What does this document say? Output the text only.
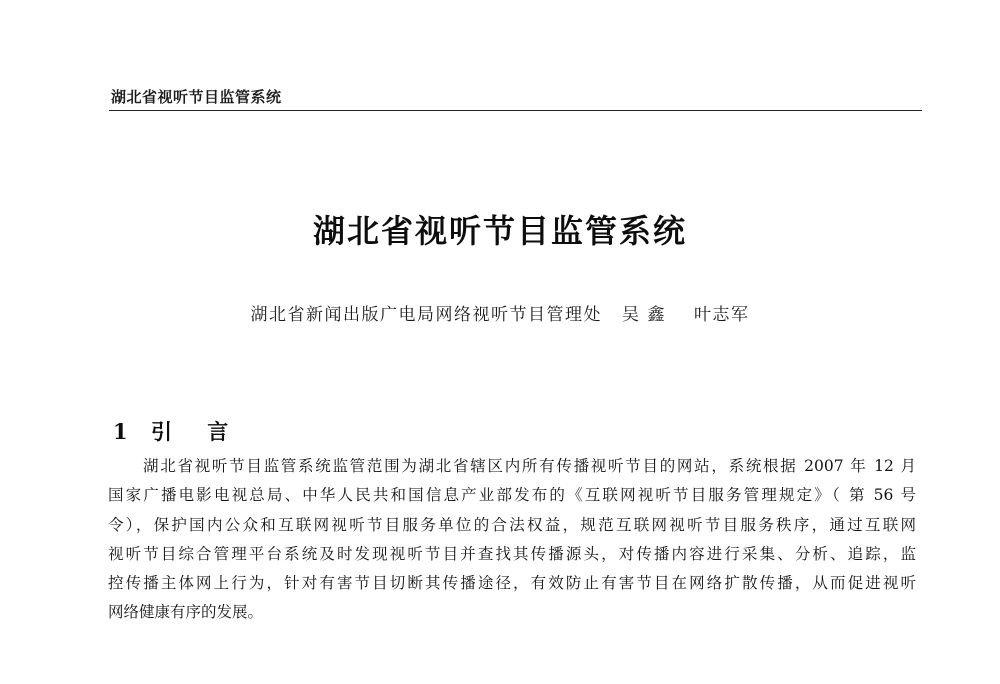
湖北省视听节目监管系统
湖北省视听节目监管系统
湖北省新闻出版广电局网络视听节目管理处 吴 鑫 叶志军
1 引 言
湖北省视听节目监管系统监管范围为湖北省辖区内所有传播视听节目的网站，系统根据 2007 年 12 月
国家广播电影电视总局、中华人民共和国信息产业部发布的《互联网视听节目服务管理规定》（ 第 56 号
令），保护国内公众和互联网视听节目服务单位的合法权益，规范互联网视听节目服务秩序，通过互联网
视听节目综合管理平台系统及时发现视听节目并查找其传播源头，对传播内容进行采集、分析、追踪，监
控传播主体网上行为，针对有害节目切断其传播途径，有效防止有害节目在网络扩散传播，从而促进视听
网络健康有序的发展。
